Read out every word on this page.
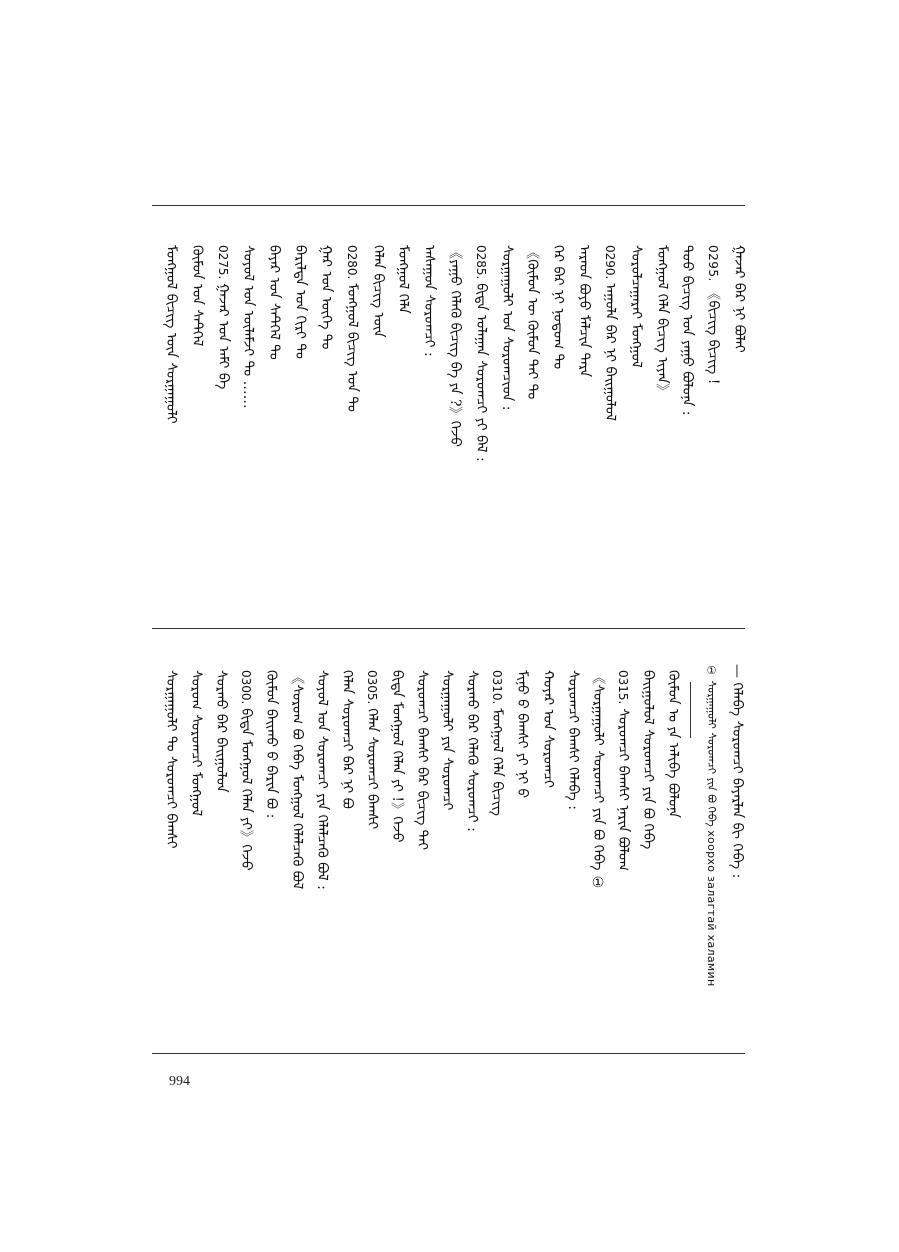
ᠭᠠᠵᠠᠷ ᠪᠠᠷ ᠨᠢ ᠪᠣᠯᠠᠢ
0295.《ᠪᠢᠴᠢᠭ ᠪᠢᠴᠢᠭ !
ᠳᠣᠣ ᠪᠢᠴᠢᠭ ᠤᠨ ᠶᠠᠭᠤ ᠪᠣᠯᠤᠨᠠ :
ᠮᠣᠩᠭᠣᠯ ᠬᠡᠯᠡ ᠪᠢᠴᠢᠭ ᠢᠶᠡᠨ》
ᠰᠤᠷᠤᠯᠴᠠᠭᠠᠷᠠᠢ ᠮᠣᠩᠭᠣᠯ
0290.ᠠᠭᠤᠯᠠ ᠪᠠᠷ ᠨᠢ ᠪᠠᠢᠭᠤᠯᠤᠯ
ᠠᠷᠠᠳ ᠪᠤᠶᠤ ᠮᠠᠯᠴᠢᠨ ᠲᠡᠷᠡ
ᠭᠡᠷ ᠪᠠᠷ ᠨᠢ ᠨᠤᠲᠤᠭ ᠲᠤ
《ᠬᠦᠮᠦᠨ ᠦ ᠬᠦᠮᠦᠨ ᠲᠠᠢ ᠲᠤ
ᠰᠤᠷᠭᠠᠭᠤᠯᠢ ᠤᠨ ᠰᠤᠷᠤᠭᠴᠢᠳ :
0285.ᠪᠢᠳᠡ ᠤᠯᠠᠭᠠᠨ ᠰᠤᠷᠤᠭᠴᠢ ᠶᠢ ᠪᠡᠯ :
《ᠶᠠᠭᠤ ᠬᠡᠯᠡᠬᠦ ᠪᠢᠴᠢᠭ ᠪᠠ ᠶᠠ ?》ᠭᠡᠵᠦ
ᠠᠰᠠᠭᠤᠨ ᠰᠤᠷᠤᠭᠴᠢ :
ᠮᠣᠩᠭᠣᠯ ᠬᠡᠯᠡ
ᠬᠡᠯᠡᠨ ᠪᠢᠴᠢᠭ ᠦᠨ
0280.ᠮᠣᠩᠭᠣᠯ ᠪᠢᠴᠢᠭ ᠤᠨ ᠲᠤ
ᠭᠠᠷ ᠤᠨ ᠦᠭᠡ ᠲᠤ
ᠪᠠᠷᠢᠯᠳᠠ ᠤᠨ ᠬᠢᠷᠢ ᠲᠤ
ᠪᠠᠶᠠᠷ ᠤᠨ ᠰᠡᠲᠭᠡᠯ ᠲᠤ
ᠰᠣᠶᠣᠯ ᠤᠨ ᠦᠯᠡᠮᠵᠢ ᠲᠤ ……
0275.ᠭᠠᠵᠠᠷ ᠤᠨ ᠠᠮᠢ ᠪᠠ
ᠬᠦᠮᠦᠨ ᠤᠨ ᠰᠡᠲᠭᠡᠯ
ᠮᠣᠩᠭᠣᠯ ᠪᠢᠴᠢᠭ ᠦᠨ ᠰᠤᠷᠭᠠᠭᠤᠯᠢ
① ᠰᠤᠷᠭᠠᠭᠤᠯᠢ ᠰᠤᠷᠤᠭᠴᠢ ᠶᠢᠨ ᠪᠣ ᠭᠡᠪᠡ хоорхо залагтай халамин — ᠬᠡᠯᠡᠪᠡ ᠰᠤᠷᠤᠭᠴᠢ ᠪᠠᠶᠠᠷᠯᠠᠨ ᠪᠢ ᠭᠡᠪᠡ :
ᠬᠦᠮᠦᠨ ᠤ ᠶᠠ ᠠᠯᠢᠪᠠ ᠪᠣᠯᠤᠨᠠ
ᠪᠠᠢᠭᠤᠯᠤᠯ ᠰᠤᠷᠤᠭᠴᠢ ᠶᠢᠨ ᠪᠣ ᠭᠡᠪᠡ
0315.ᠰᠤᠷᠤᠭᠴᠢ ᠪᠠᠭᠰᠢ ᠨᠠᠷᠢᠨ ᠪᠤᠯᠤᠭ
《ᠰᠤᠷᠭᠠᠭᠤᠯᠢ ᠰᠤᠷᠤᠭᠴᠢ ᠶᠢᠨ ᠪᠣ ᠭᠡᠪᠡ ①
ᠰᠤᠷᠤᠭᠴᠢ ᠪᠠᠭᠰᠢ ᠬᠡᠯᠡᠪᠡ :
ᠬᠣᠶᠠᠷ ᠤᠨ ᠰᠤᠷᠤᠭᠴᠢ
ᠮᠢᠨᠤ ᠪ ᠪᠠᠭᠰᠢ ᠶᠢ ᠨᠢ ᠪ
0310.ᠮᠣᠩᠭᠣᠯ ᠬᠡᠯᠡ ᠪᠢᠴᠢᠭ
ᠰᠤᠷᠬᠤ ᠪᠠᠷ ᠬᠡᠯᠡᠬᠦ ᠰᠤᠷᠤᠭᠴᠢ :
ᠰᠤᠷᠭᠠᠭᠤᠯᠢ ᠶᠢᠨ ᠰᠤᠷᠤᠭᠴᠢ
ᠰᠤᠷᠤᠭᠴᠢ ᠪᠠᠭᠰᠢ ᠪᠠᠷ ᠪᠢᠴᠢᠭ ᠲᠠᠢ
ᠪᠢᠳᠡ ᠮᠣᠩᠭᠣᠯ ᠬᠡᠯᠡᠨ ᠶᠢ !》ᠭᠡᠵᠦ
0305.ᠬᠡᠯᠡᠨ ᠰᠤᠷᠤᠭᠴᠢ ᠪᠠᠭᠰᠢ
ᠬᠡᠯᠡᠨ ᠰᠤᠷᠤᠭᠴᠢ ᠪᠠᠷ ᠨᠢ ᠪᠣ
ᠰᠣᠶᠣᠯ ᠤᠨ ᠰᠤᠷᠤᠭᠴᠢ ᠶᠢᠨ ᠬᠡᠯᠡᠯᠴᠡᠬᠦ ᠪᠣᠯ :
《ᠰᠤᠷᠤᠭ ᠪᠣ ᠭᠡᠪᠡ ᠮᠣᠩᠭᠣᠯ ᠬᠡᠯᠡᠯᠴᠡᠬᠦ ᠪᠣᠯ
ᠬᠦᠮᠦᠨ ᠪᠠᠢᠬᠤ ᠪ ᠪᠠᠷᠢᠨ ᠪᠣ :
0300.ᠪᠢᠳᠡ ᠮᠣᠩᠭᠣᠯ ᠬᠡᠯᠡᠨ ᠶᠢ》ᠭᠡᠵᠦ
ᠰᠤᠷᠬᠤ ᠪᠠᠷ ᠪᠠᠢᠭᠤᠯᠤᠨ
ᠰᠤᠷᠤᠭ ᠰᠤᠷᠤᠭᠴᠢ ᠮᠣᠩᠭᠣᠯ
ᠰᠤᠷᠭᠠᠭᠤᠯᠢ ᠲᠤ ᠰᠤᠷᠤᠭᠴᠢ ᠪᠠᠭᠰᠢ
994
